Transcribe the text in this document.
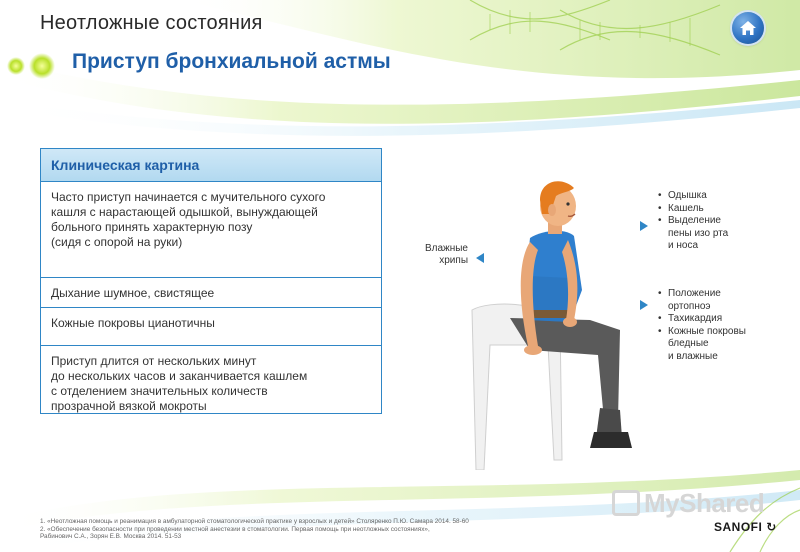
Неотложные состояния
Приступ бронхиальной астмы
Клиническая картина
Часто приступ начинается с мучительного сухого
кашля с нарастающей одышкой, вынуждающей
больного принять характерную позу
(сидя с опорой на руки)
Дыхание шумное, свистящее
Кожные покровы цианотичны
Приступ длится от нескольких минут
до нескольких часов и заканчивается кашлем
с отделением значительных количеств
прозрачной вязкой мокроты
Влажные
хрипы
• Одышка
• Кашель
• Выделение
пены изо рта
и носа
• Положение
ортопноэ
• Тахикардия
• Кожные покровы
бледные
и влажные
1. «Неотложная помощь и реанимация в амбулаторной стоматологической практике у взрослых и детей» Столяренко П.Ю. Самара 2014. 58-60
2. «Обеспечение безопасности при проведении местной анестезии в стоматологии. Первая помощь при неотложных состояниях»,
Рабинович С.А., Зорян Е.В. Москва 2014. 51-53
MyShared
SANOFI ↻
